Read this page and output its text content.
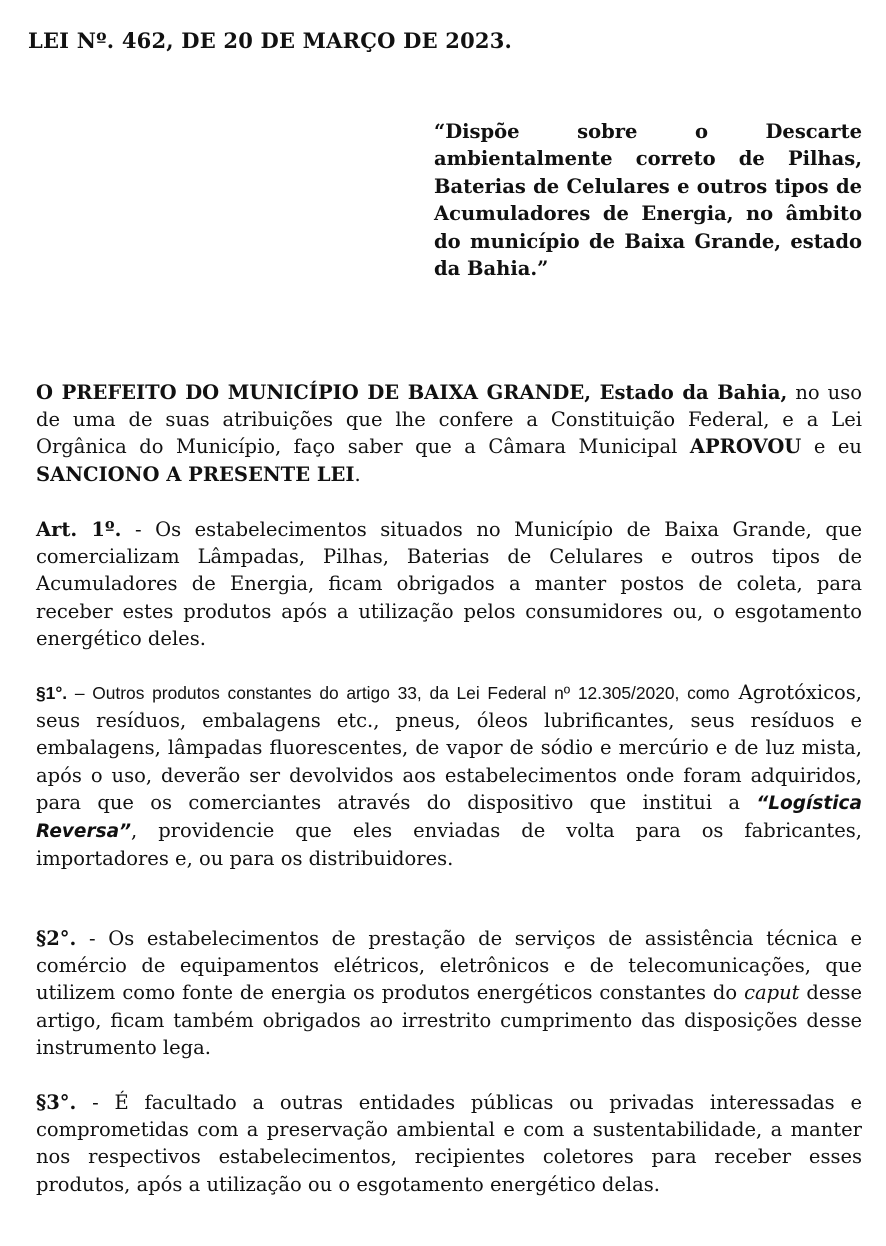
LEI Nº. 462, DE 20 DE MARÇO DE 2023.
“Dispõe sobre o Descarte ambientalmente correto de Pilhas, Baterias de Celulares e outros tipos de Acumuladores de Energia, no âmbito do município de Baixa Grande, estado da Bahia.”

O PREFEITO DO MUNICÍPIO DE BAIXA GRANDE, Estado da Bahia, no uso de uma de suas atribuições que lhe confere a Constituição Federal, e a Lei Orgânica do Município, faço saber que a Câmara Municipal APROVOU e eu SANCIONO A PRESENTE LEI.

Art. 1º. - Os estabelecimentos situados no Município de Baixa Grande, que comercializam Lâmpadas, Pilhas, Baterias de Celulares e outros tipos de Acumuladores de Energia, ficam obrigados a manter postos de coleta, para receber estes produtos após a utilização pelos consumidores ou, o esgotamento energético deles.

§1°. – Outros produtos constantes do artigo 33, da Lei Federal nº 12.305/2020, como Agrotóxicos, seus resíduos, embalagens etc., pneus, óleos lubrificantes, seus resíduos e embalagens, lâmpadas fluorescentes, de vapor de sódio e mercúrio e de luz mista, após o uso, deverão ser devolvidos aos estabelecimentos onde foram adquiridos, para que os comerciantes através do dispositivo que institui a “Logística Reversa”, providencie que eles enviadas de volta para os fabricantes, importadores e, ou para os distribuidores.

§2°. - Os estabelecimentos de prestação de serviços de assistência técnica e comércio de equipamentos elétricos, eletrônicos e de telecomunicações, que utilizem como fonte de energia os produtos energéticos constantes do caput desse artigo, ficam também obrigados ao irrestrito cumprimento das disposições desse instrumento lega.

§3°. - É facultado a outras entidades públicas ou privadas interessadas e comprometidas com a preservação ambiental e com a sustentabilidade, a manter nos respectivos estabelecimentos, recipientes coletores para receber esses produtos, após a utilização ou o esgotamento energético delas.
